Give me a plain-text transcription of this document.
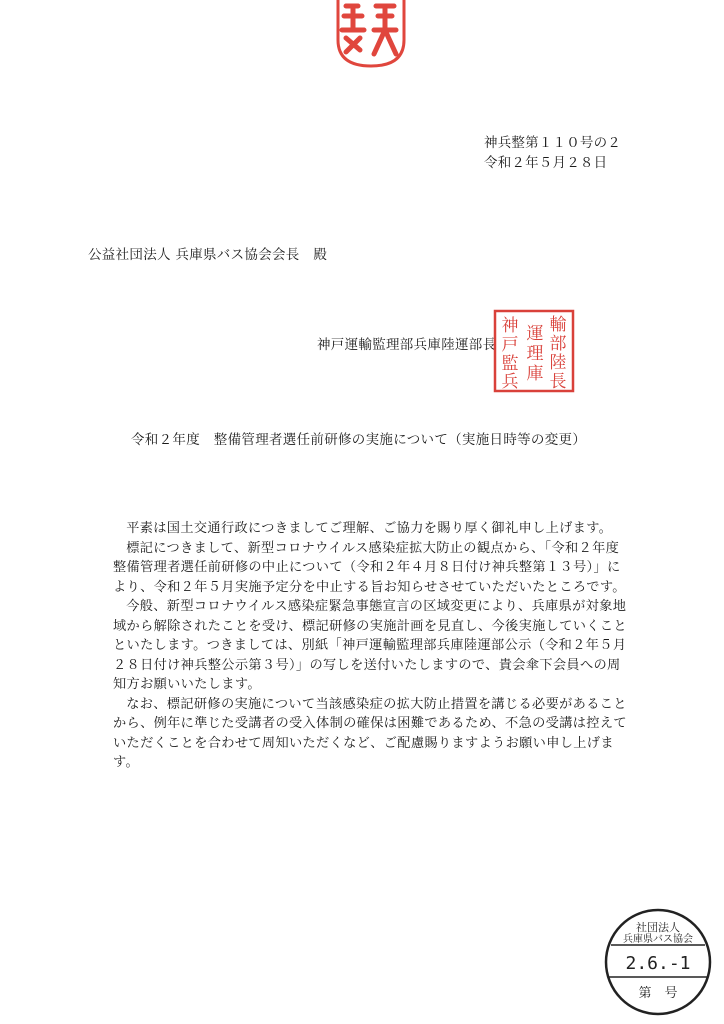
神兵整第１１０号の２
令和２年５月２８日
公益社団法人 兵庫県バス協会会長　殿
神戸運輸監理部兵庫陸運部長
輸
部
陸
長
運
理
庫
神
戸
監
兵
令和２年度　整備管理者選任前研修の実施について（実施日時等の変更）

平素は国土交通行政につきましてご理解、ご協力を賜り厚く御礼申し上げます。

標記につきまして、新型コロナウイルス感染症拡大防止の観点から、「令和２年度整備管理者選任前研修の中止について（令和２年４月８日付け神兵整第１３号）」により、令和２年５月実施予定分を中止する旨お知らせさせていただいたところです。

今般、新型コロナウイルス感染症緊急事態宣言の区域変更により、兵庫県が対象地域から解除されたことを受け、標記研修の実施計画を見直し、今後実施していくことといたします。つきましては、別紙「神戸運輸監理部兵庫陸運部公示（令和２年５月２８日付け神兵整公示第３号）」の写しを送付いたしますので、貴会傘下会員への周知方お願いいたします。

なお、標記研修の実施について当該感染症の拡大防止措置を講じる必要があることから、例年に準じた受講者の受入体制の確保は困難であるため、不急の受講は控えていただくことを合わせて周知いただくなど、ご配慮賜りますようお願い申し上げます。

社団法人
兵庫県バス協会
2.6.-1
第　号
